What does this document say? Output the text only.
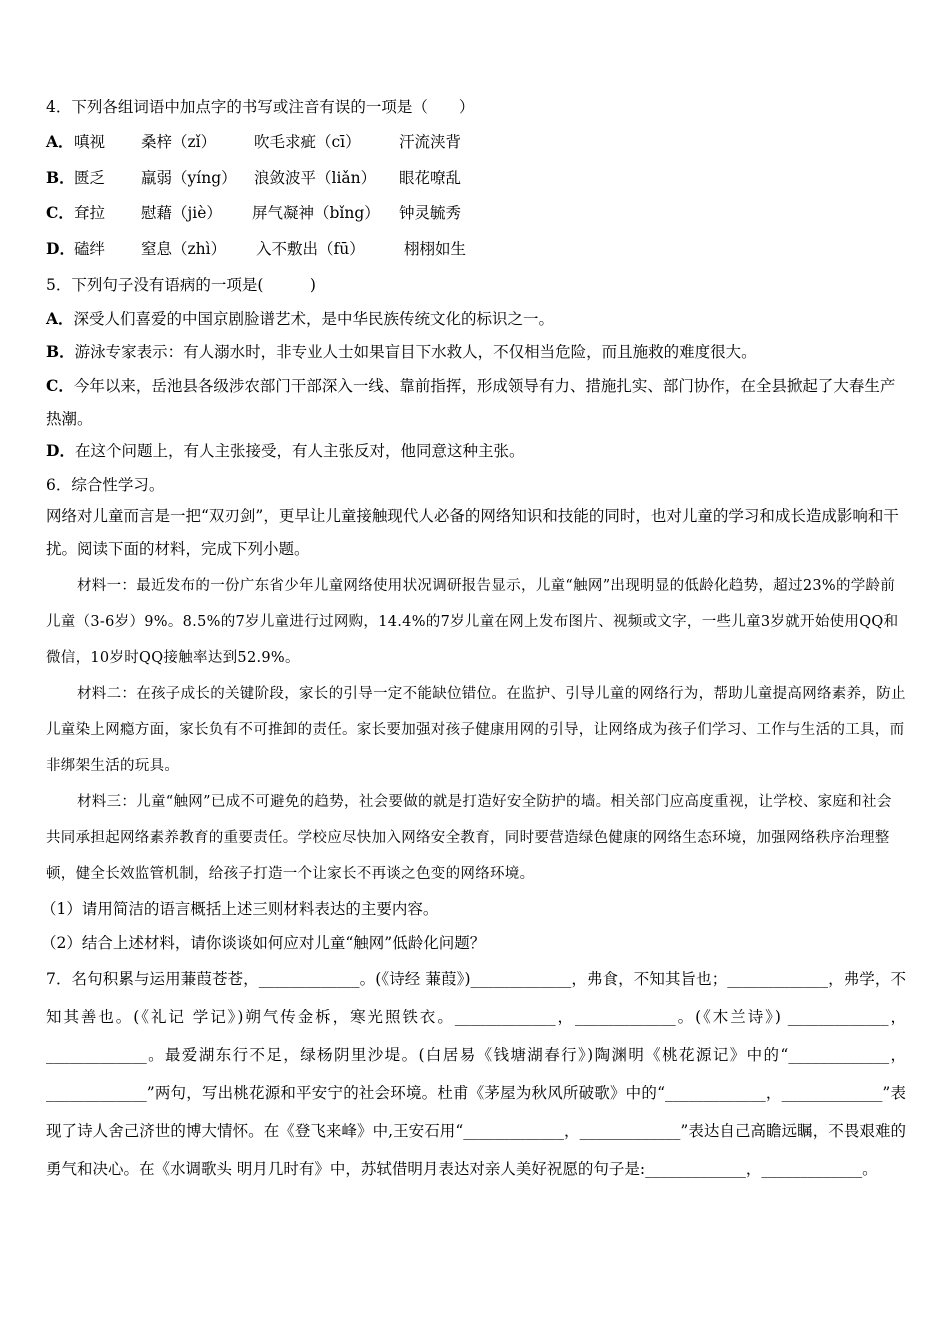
4．下列各组词语中加点字的书写或注音有误的一项是（　　）
A． 嗔视 桑梓（zǐ） 吹毛求疵（cī） 汗流浃背
B． 匮乏 羸弱（yíng） 浪敛波平（liǎn） 眼花嘹乱
C． 耷拉 慰藉（jiè） 屏气凝神（bǐng） 钟灵毓秀
D． 磕绊 窒息（zhì） 入不敷出（fū）	栩栩如生
5．下列句子没有语病的一项是(　　　)
A．深受人们喜爱的中国京剧脸谱艺术，是中华民族传统文化的标识之一。
B．游泳专家表示：有人溺水时，非专业人士如果盲目下水救人，不仅相当危险，而且施救的难度很大。
C．今年以来，岳池县各级涉农部门干部深入一线、靠前指挥，形成领导有力、措施扎实、部门协作，在全县掀起了大春生产热潮。
D．在这个问题上，有人主张接受，有人主张反对，他同意这种主张。
6．综合性学习。
网络对儿童而言是一把“双刃剑”，更早让儿童接触现代人必备的网络知识和技能的同时，也对儿童的学习和成长造成影响和干扰。阅读下面的材料，完成下列小题。
材料一：最近发布的一份广东省少年儿童网络使用状况调研报告显示，儿童“触网”出现明显的低龄化趋势，超过23%的学龄前儿童（3-6岁）9%。8.5%的7岁儿童进行过网购，14.4%的7岁儿童在网上发布图片、视频或文字，一些儿童3岁就开始使用QQ和微信，10岁时QQ接触率达到52.9%。
材料二：在孩子成长的关键阶段，家长的引导一定不能缺位错位。在监护、引导儿童的网络行为，帮助儿童提高网络素养，防止儿童染上网瘾方面，家长负有不可推卸的责任。家长要加强对孩子健康用网的引导，让网络成为孩子们学习、工作与生活的工具，而非绑架生活的玩具。
材料三：儿童“触网”已成不可避免的趋势，社会要做的就是打造好安全防护的墙。相关部门应高度重视，让学校、家庭和社会共同承担起网络素养教育的重要责任。学校应尽快加入网络安全教育，同时要营造绿色健康的网络生态环境，加强网络秩序治理整顿，健全长效监管机制，给孩子打造一个让家长不再谈之色变的网络环境。
（1）请用简洁的语言概括上述三则材料表达的主要内容。
（2）结合上述材料，请你谈谈如何应对儿童“触网”低龄化问题？
7．名句积累与运用蒹葭苍苍，_____________。(《诗经 蒹葭》)_____________，弗食，不知其旨也；_____________，弗学，不知其善也。(《礼记 学记》)朔气传金柝，寒光照铁衣。_____________，_____________。(《木兰诗》) _____________，_____________。最爱湖东行不足，绿杨阴里沙堤。(白居易《钱塘湖春行》)陶渊明《桃花源记》中的“_____________，_____________”两句，写出桃花源和平安宁的社会环境。杜甫《茅屋为秋风所破歌》中的“_____________，_____________”表现了诗人舍己济世的博大情怀。在《登飞来峰》中,王安石用“_____________，_____________”表达自己高瞻远瞩，不畏艰难的勇气和决心。在《水调歌头 明月几时有》中，苏轼借明月表达对亲人美好祝愿的句子是:_____________，_____________。
